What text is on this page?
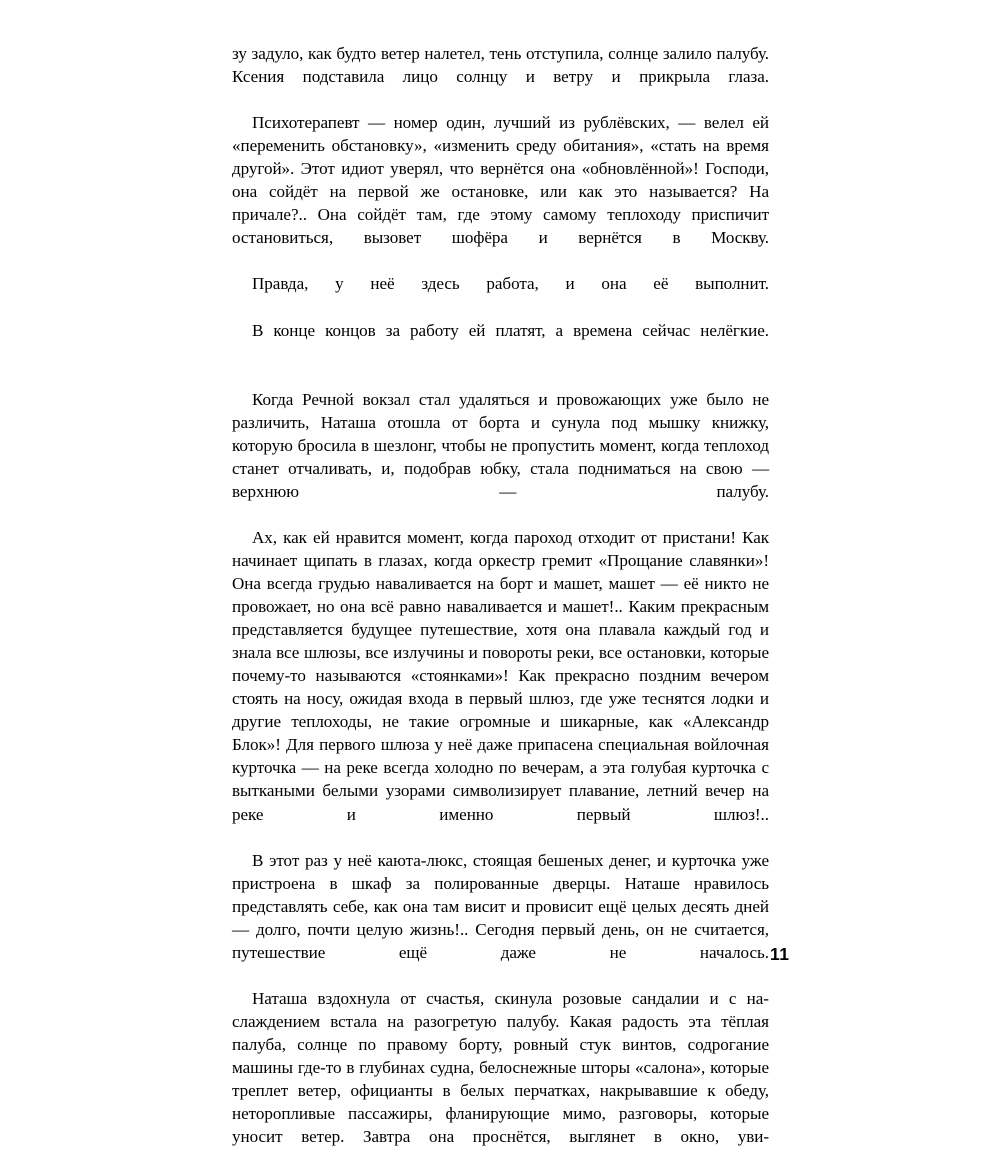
зу задуло, как будто ветер налетел, тень отступила, солнце залило палубу. Ксения подставила лицо солнцу и ветру и прикрыла глаза.

Психотерапевт — номер один, лучший из рублёвских, — велел ей «переменить обстановку», «изменить среду обитания», «стать на время другой». Этот идиот уверял, что вернётся она «обновлённой»! Господи, она сойдёт на первой же остановке, или как это называется? На причале?.. Она сойдёт там, где этому самому теплоходу приспичит остановиться, вызовет шофёра и вернётся в Москву.

Правда, у неё здесь работа, и она её выполнит.

В конце концов за работу ей платят, а времена сейчас нелёгкие.

Когда Речной вокзал стал удаляться и провожающих уже было не различить, Наташа отошла от борта и сунула под мышку книжку, которую бросила в шезлонг, чтобы не пропустить момент, когда теплоход станет отчаливать, и, подобрав юбку, стала подниматься на свою — верхнюю — палубу.

Ах, как ей нравится момент, когда пароход отходит от пристани! Как начинает щипать в глазах, когда оркестр гремит «Прощание славянки»! Она всегда грудью наваливается на борт и машет, машет — её никто не провожает, но она всё равно наваливается и машет!.. Каким прекрасным представляется будущее путешествие, хотя она плавала каждый год и знала все шлюзы, все излучины и повороты реки, все остановки, которые почему-то называются «стоянками»! Как прекрасно поздним вечером стоять на носу, ожидая входа в первый шлюз, где уже теснятся лодки и другие теплоходы, не такие огромные и шикарные, как «Александр Блок»! Для первого шлюза у неё даже припасена специальная войлочная курточка — на реке всегда холодно по вечерам, а эта голубая курточка с выткаными белыми узорами символизирует плавание, летний вечер на реке и именно первый шлюз!..

В этот раз у неё каюта-люкс, стоящая бешеных денег, и курточка уже пристроена в шкаф за полированные дверцы. Наташе нравилось представлять себе, как она там висит и провисит ещё целых десять дней — долго, почти целую жизнь!.. Сегодня первый день, он не считается, путешествие ещё даже не началось.

Наташа вздохнула от счастья, скинула розовые сандалии и с наслаждением встала на разогретую палубу. Какая радость эта тёплая палуба, солнце по правому борту, ровный стук винтов, содрогание машины где-то в глубинах судна, белоснежные шторы «салона», которые треплет ветер, официанты в белых перчатках, накрывавшие к обеду, неторопливые пассажиры, фланирующие мимо, разговоры, которые уносит ветер. Завтра она проснётся, выглянет в окно, уви-

11
